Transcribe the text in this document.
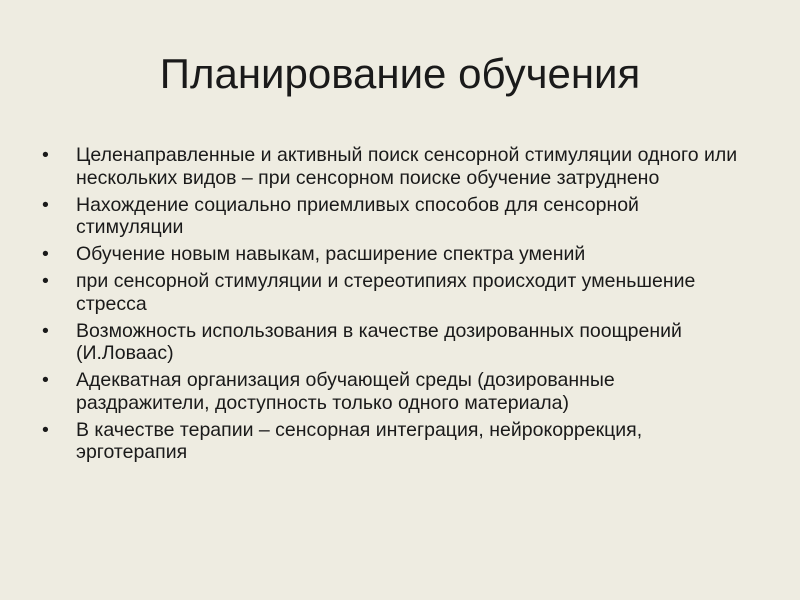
Планирование обучения
• Целенаправленные и активный поиск сенсорной стимуляции одного или нескольких видов – при сенсорном поиске обучение затруднено
• Нахождение социально приемливых способов для сенсорной стимуляции
• Обучение новым навыкам, расширение спектра умений
• при сенсорной стимуляции и стереотипиях происходит уменьшение стресса
• Возможность использования в качестве дозированных поощрений (И.Ловаас)
• Адекватная организация обучающей среды (дозированные раздражители, доступность только одного материала)
• В качестве терапии – сенсорная интеграция, нейрокоррекция, эрготерапия
